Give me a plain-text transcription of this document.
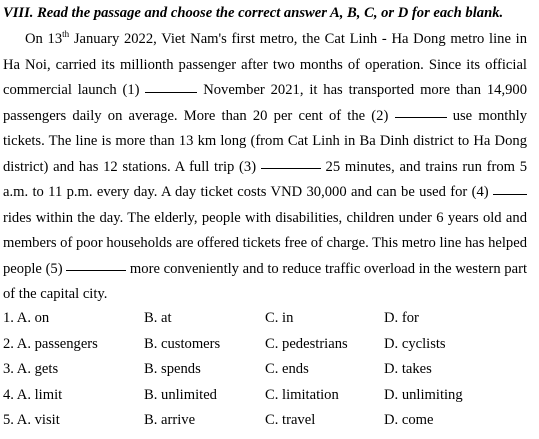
VIII. Read the passage and choose the correct answer A, B, C, or D for each blank.
On 13th January 2022, Viet Nam's first metro, the Cat Linh - Ha Dong metro line in Ha Noi, carried its millionth passenger after two months of operation. Since its official commercial launch (1)	November 2021, it has transported more than 14,900 passengers daily on average. More than 20 per cent of the (2)	use monthly tickets. The line is more than 13 km long (from Cat Linh in Ba Dinh district to Ha Dong district) and has 12 stations. A full trip (3)	25 minutes, and trains run from 5 a.m. to 11 p.m. every day. A day ticket costs VND 30,000 and can be used for (4)  rides within the day. The elderly, people with disabilities, children under 6 years old and members of poor households are offered tickets free of charge. This metro line has helped people (5)	more conveniently and to reduce traffic overload in the western part of the capital city.
1. A. on	B. at	C. in	D. for
2. A. passengers	B. customers	C. pedestrians D. cyclists
3. A. gets	B. spends	C. ends	D. takes
4. A. limit	B. unlimited	C. limitation	D. unlimiting
5. A. visit	B. arrive	C. travel	D. come
